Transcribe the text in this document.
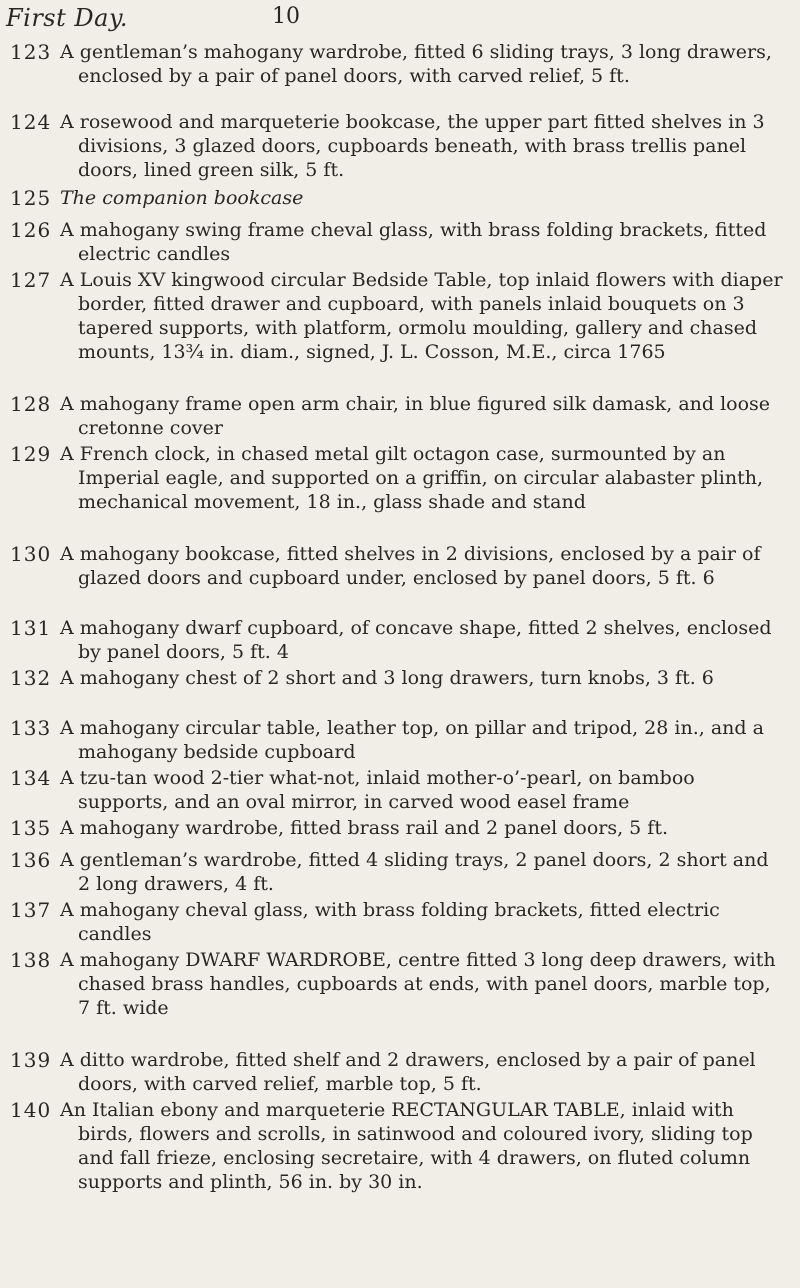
First Day.	10
123 A gentleman’s mahogany wardrobe, fitted 6 sliding trays, 3 long drawers, enclosed by a pair of panel doors, with carved relief, 5 ft.
124 A rosewood and marqueterie bookcase, the upper part fitted shelves in 3 divisions, 3 glazed doors, cupboards beneath, with brass trellis panel doors, lined green silk, 5 ft.
125 The companion bookcase
126 A mahogany swing frame cheval glass, with brass folding brackets, fitted electric candles
127 A Louis XV kingwood circular Bedside Table, top inlaid flowers with diaper border, fitted drawer and cupboard, with panels inlaid bouquets on 3 tapered supports, with platform, ormolu moulding, gallery and chased mounts, 13¾ in. diam., signed, J. L. Cosson, M.E., circa 1765
128 A mahogany frame open arm chair, in blue figured silk damask, and loose cretonne cover
129 A French clock, in chased metal gilt octagon case, surmounted by an Imperial eagle, and supported on a griffin, on circular alabaster plinth, mechanical movement, 18 in., glass shade and stand
130 A mahogany bookcase, fitted shelves in 2 divisions, enclosed by a pair of glazed doors and cupboard under, enclosed by panel doors, 5 ft. 6
131 A mahogany dwarf cupboard, of concave shape, fitted 2 shelves, enclosed by panel doors, 5 ft. 4
132 A mahogany chest of 2 short and 3 long drawers, turn knobs, 3 ft. 6
133 A mahogany circular table, leather top, on pillar and tripod, 28 in., and a mahogany bedside cupboard
134 A tzu-tan wood 2-tier what-not, inlaid mother-o’-pearl, on bamboo supports, and an oval mirror, in carved wood easel frame
135 A mahogany wardrobe, fitted brass rail and 2 panel doors, 5 ft.
136 A gentleman’s wardrobe, fitted 4 sliding trays, 2 panel doors, 2 short and 2 long drawers, 4 ft.
137 A mahogany cheval glass, with brass folding brackets, fitted electric candles
138 A mahogany DWARF WARDROBE, centre fitted 3 long deep drawers, with chased brass handles, cupboards at ends, with panel doors, marble top, 7 ft. wide
139 A ditto wardrobe, fitted shelf and 2 drawers, enclosed by a pair of panel doors, with carved relief, marble top, 5 ft.
140 An Italian ebony and marqueterie RECTANGULAR TABLE, inlaid with birds, flowers and scrolls, in satinwood and coloured ivory, sliding top and fall frieze, enclosing secretaire, with 4 drawers, on fluted column supports and plinth, 56 in. by 30 in.
